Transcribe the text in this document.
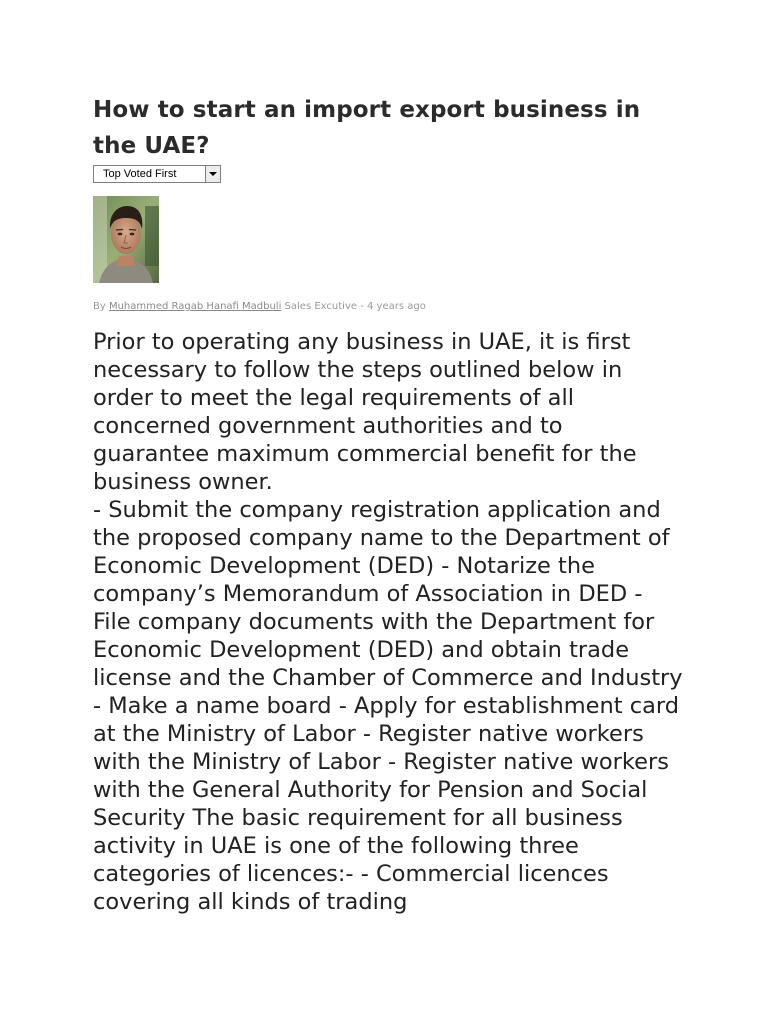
How to start an import export business in the UAE?
Top Voted First
By Muhammed Ragab Hanafi Madbuli Sales Excutive - 4 years ago

Prior to operating any business in UAE, it is first necessary to follow the steps outlined below in order to meet the legal requirements of all concerned government authorities and to guarantee maximum commercial benefit for the business owner.

- Submit the company registration application and the proposed company name to the Department of Economic Development (DED) - Notarize the company’s Memorandum of Association in DED - File company documents with the Department for Economic Development (DED) and obtain trade license and the Chamber of Commerce and Industry - Make a name board - Apply for establishment card at the Ministry of Labor - Register native workers with the Ministry of Labor - Register native workers with the General Authority for Pension and Social Security The basic requirement for all business activity in UAE is one of the following three categories of licences:- - Commercial licences covering all kinds of trading
